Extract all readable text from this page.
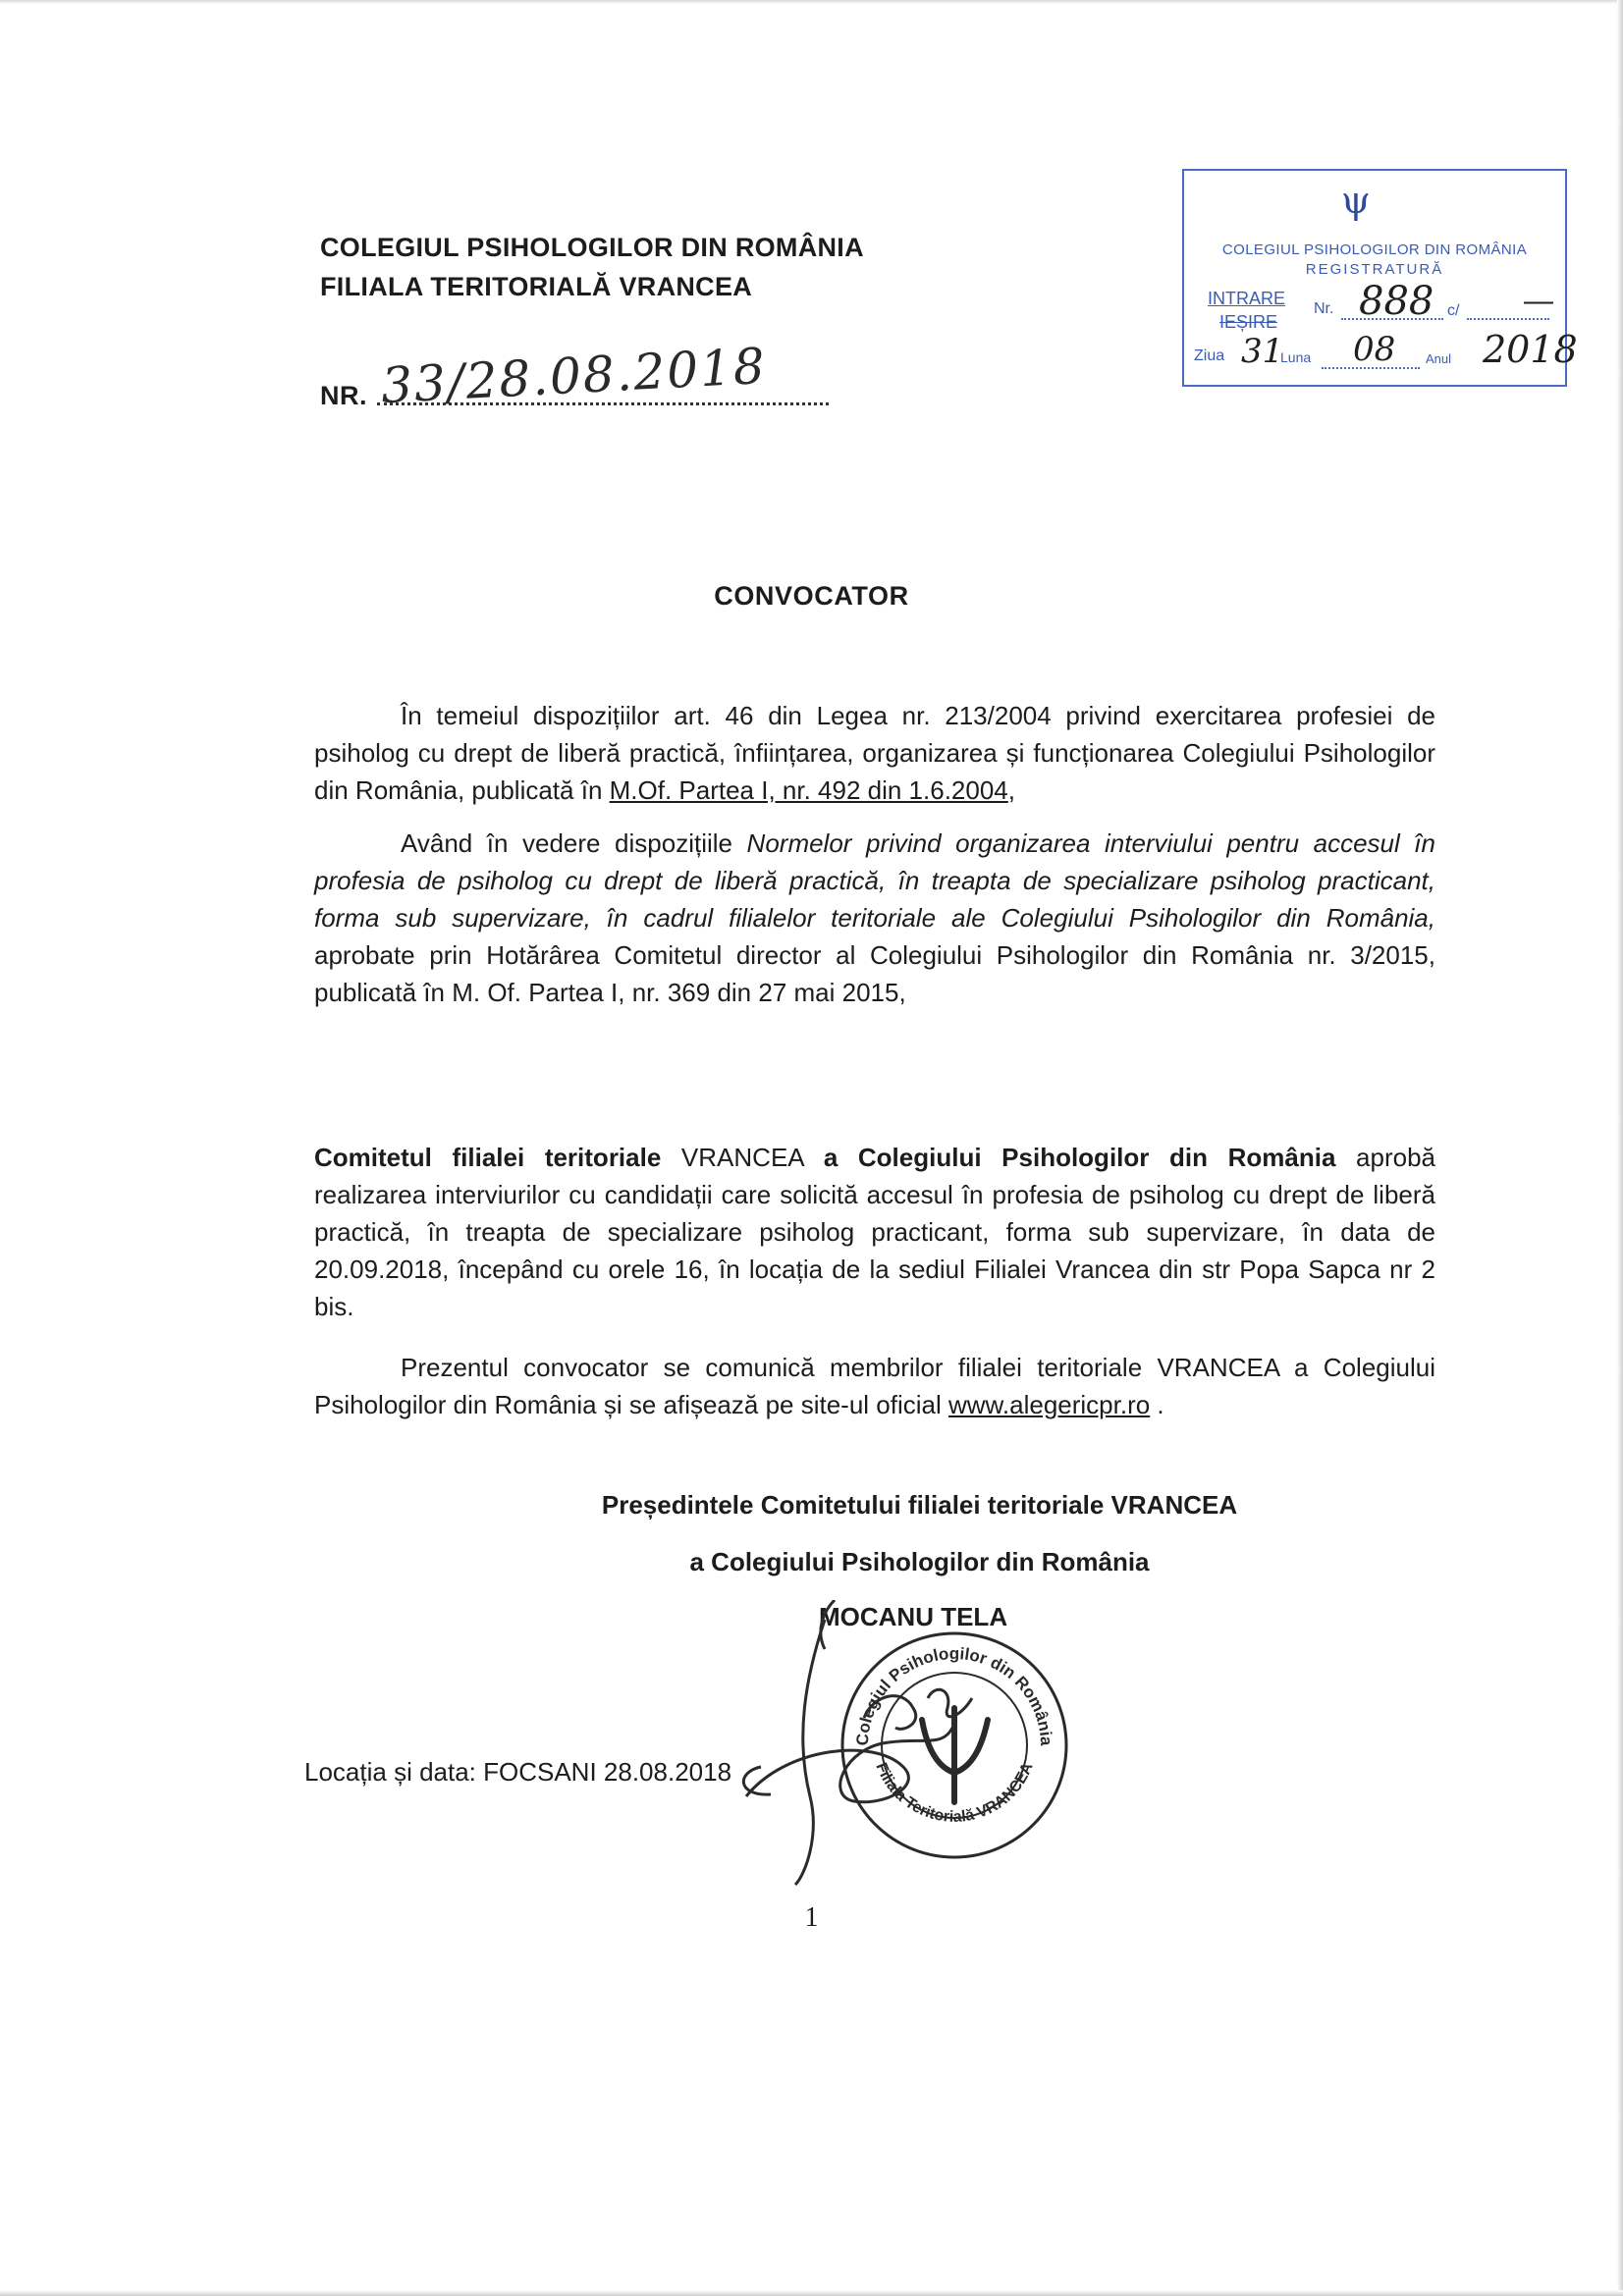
COLEGIUL PSIHOLOGILOR DIN ROMÂNIA
FILIALA TERITORIALĂ VRANCEA
NR. 33/28.08.2018
ψ
COLEGIUL PSIHOLOGILOR DIN ROMÂNIA
REGISTRATURĂ
INTRARE
IEȘIRE
Nr. 888 c/ —
Ziua 31
Luna 08 Anul 2018
CONVOCATOR
În temeiul dispozițiilor art. 46 din Legea nr. 213/2004 privind exercitarea profesiei de psiholog cu drept de liberă practică, înființarea, organizarea și funcționarea Colegiului Psihologilor din România, publicată în M.Of. Partea I, nr. 492 din 1.6.2004,
Având în vedere dispozițiile Normelor privind organizarea interviului pentru accesul în profesia de psiholog cu drept de liberă practică, în treapta de specializare psiholog practicant, forma sub supervizare, în cadrul filialelor teritoriale ale Colegiului Psihologilor din România, aprobate prin Hotărârea Comitetul director al Colegiului Psihologilor din România nr. 3/2015, publicată în M. Of. Partea I, nr. 369 din 27 mai 2015,
Comitetul filialei teritoriale VRANCEA a Colegiului Psihologilor din România aprobă realizarea interviurilor cu candidații care solicită accesul în profesia de psiholog cu drept de liberă practică, în treapta de specializare psiholog practicant, forma sub supervizare, în data de 20.09.2018, începând cu orele 16, în locația de la sediul Filialei Vrancea din str Popa Sapca nr 2 bis.
Prezentul convocator se comunică membrilor filialei teritoriale VRANCEA a Colegiului Psihologilor din România și se afișează pe site-ul oficial www.alegericpr.ro .
Președintele Comitetului filialei teritoriale VRANCEA
a Colegiului Psihologilor din România
MOCANU TELA
Colegiul Psihologilor din România
Filiala Teritorială VRANCEA
Locația și data: FOCSANI 28.08.2018
1
